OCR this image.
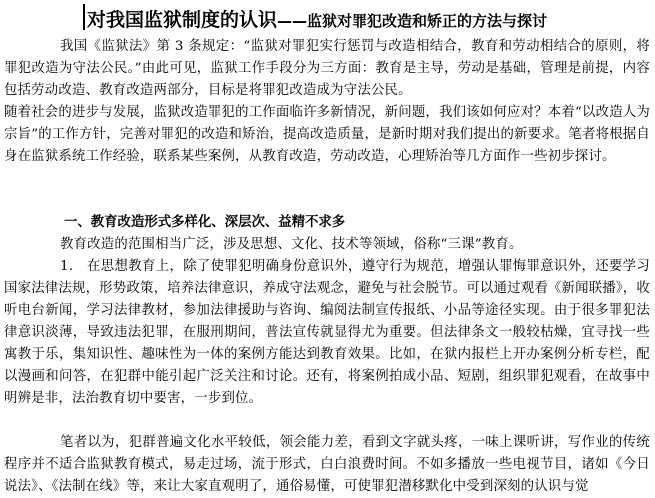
对我国监狱制度的认识——监狱对罪犯改造和矫正的方法与探讨
我国《监狱法》第 3 条规定：“监狱对罪犯实行惩罚与改造相结合，教育和劳动相结合的原则，将罪犯改造为守法公民。”由此可见，监狱工作手段分为三方面：教育是主导，劳动是基础，管理是前提，内容包括劳动改造、教育改造两部分，目标是将罪犯改造成为守法公民。
随着社会的进步与发展，监狱改造罪犯的工作面临许多新情况，新问题，我们该如何应对？本着“以改造人为宗旨”的工作方针，完善对罪犯的改造和矫治，提高改造质量，是新时期对我们提出的新要求。笔者将根据自身在监狱系统工作经验，联系某些案例，从教育改造，劳动改造，心理矫治等几方面作一些初步探讨。
一、教育改造形式多样化、深层次、益精不求多
教育改造的范围相当广泛，涉及思想、文化、技术等领域，俗称“三课”教育。
1.　在思想教育上，除了使罪犯明确身份意识外，遵守行为规范，增强认罪悔罪意识外，还要学习国家法律法规，形势政策，培养法律意识，养成守法观念，避免与社会脱节。可以通过观看《新闻联播》，收听电台新闻，学习法律教材，参加法律援助与咨询、编阅法制宣传报纸、小品等途径实现。由于很多罪犯法律意识淡薄，导致违法犯罪，在服刑期间，普法宣传就显得尤为重要。但法律条文一般较枯燥，宜寻找一些寓教于乐，集知识性、趣味性为一体的案例方能达到教育效果。比如，在狱内报栏上开办案例分析专栏，配以漫画和问答，在犯群中能引起广泛关注和讨论。还有，将案例拍成小品、短剧，组织罪犯观看，在故事中明辨是非，法治教育切中要害，一步到位。
笔者以为，犯群普遍文化水平较低，领会能力差，看到文字就头疼，一味上课听讲，写作业的传统程序并不适合监狱教育模式，易走过场，流于形式，白白浪费时间。不如多播放一些电视节目，诸如《今日说法》、《法制在线》等，来让大家直观明了，通俗易懂，可使罪犯潜移默化中受到深刻的认识与觉
